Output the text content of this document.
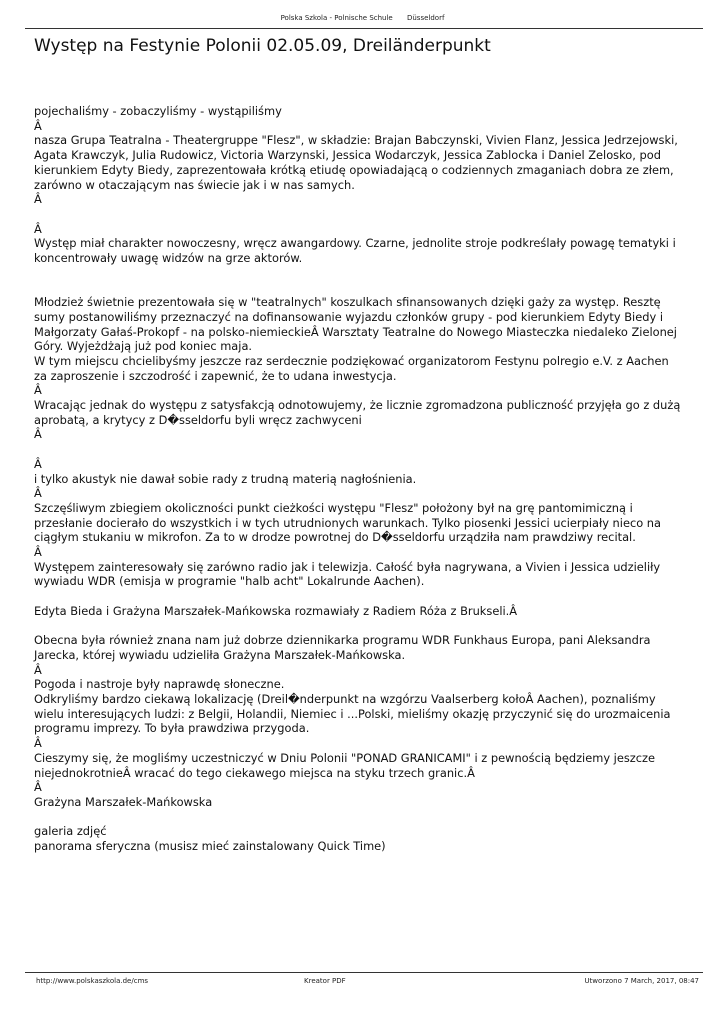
Polska Szkola - Polnische Schule Düsseldorf
Występ na Festynie Polonii 02.05.09, Dreiländerpunkt

pojechaliśmy - zobaczyliśmy - wystąpiliśmy

Â

nasza Grupa Teatralna - Theatergruppe "Flesz", w składzie: Brajan Babczynski, Vivien Flanz, Jessica Jedrzejowski, Agata Krawczyk, Julia Rudowicz, Victoria Warzynski, Jessica Wodarczyk, Jessica Zablocka i Daniel Zelosko, pod kierunkiem Edyty Biedy, zaprezentowała krótką etiudę opowiadającą o codziennych zmaganiach dobra ze złem, zarówno w otaczającym nas świecie jak i w nas samych.

Â

Â

Występ miał charakter nowoczesny, wręcz awangardowy. Czarne, jednolite stroje podkreślały powagę tematyki i koncentrowały uwagę widzów na grze aktorów.

Młodzież świetnie prezentowała się w "teatralnych" koszulkach sfinansowanych dzięki gaży za występ. Resztę sumy postanowiliśmy przeznaczyć na dofinansowanie wyjazdu członków grupy - pod kierunkiem Edyty Biedy i Małgorzaty Gałaś-Prokopf - na polsko-niemieckieÂ Warsztaty Teatralne do Nowego Miasteczka niedaleko Zielonej Góry. Wyjeżdżają już pod koniec maja.

W tym miejscu chcielibyśmy jeszcze raz serdecznie podziękować organizatorom Festynu polregio e.V. z Aachen za zaproszenie i szczodrość i zapewnić, że to udana inwestycja.

Â

Wracając jednak do występu z satysfakcją odnotowujemy, że licznie zgromadzona publiczność przyjęła go z dużą aprobatą, a krytycy z D�sseldorfu byli wręcz zachwyceni

Â

Â

i tylko akustyk nie dawał sobie rady z trudną materią nagłośnienia.

Â

Szczęśliwym zbiegiem okoliczności punkt cieżkości występu "Flesz" położony był na grę pantomimiczną i przesłanie docierało do wszystkich i w tych utrudnionych warunkach. Tylko piosenki Jessici ucierpiały nieco na ciągłym stukaniu w mikrofon. Za to w drodze powrotnej do D�sseldorfu urządziła nam prawdziwy recital.

Â

Występem zainteresowały się zarówno radio jak i telewizja. Całość była nagrywana, a Vivien i Jessica udzieliły wywiadu WDR (emisja w programie "halb acht" Lokalrunde Aachen).

Edyta Bieda i Grażyna Marszałek-Mańkowska rozmawiały z Radiem Róża z Brukseli.Â

Obecna była również znana nam już dobrze dziennikarka programu WDR Funkhaus Europa, pani Aleksandra Jarecka, której wywiadu udzieliła Grażyna Marszałek-Mańkowska.

Â

Pogoda i nastroje były naprawdę słoneczne.

Odkryliśmy bardzo ciekawą lokalizację (Dreil�nderpunkt na wzgórzu Vaalserberg kołoÂ Aachen), poznaliśmy wielu interesujących ludzi: z Belgii, Holandii, Niemiec i ...Polski, mieliśmy okazję przyczynić się do urozmaicenia programu imprezy. To była prawdziwa przygoda.

Â

Cieszymy się, że mogliśmy uczestniczyć w Dniu Polonii "PONAD GRANICAMI" i z pewnością będziemy jeszcze niejednokrotnieÂ wracać do tego ciekawego miejsca na styku trzech granic.Â

Â

Grażyna Marszałek-Mańkowska

galeria zdjęć

panorama sferyczna (musisz mieć zainstalowany Quick Time)

http://www.polskaszkola.de/cms	Kreator PDF	Utworzono 7 March, 2017, 08:47
